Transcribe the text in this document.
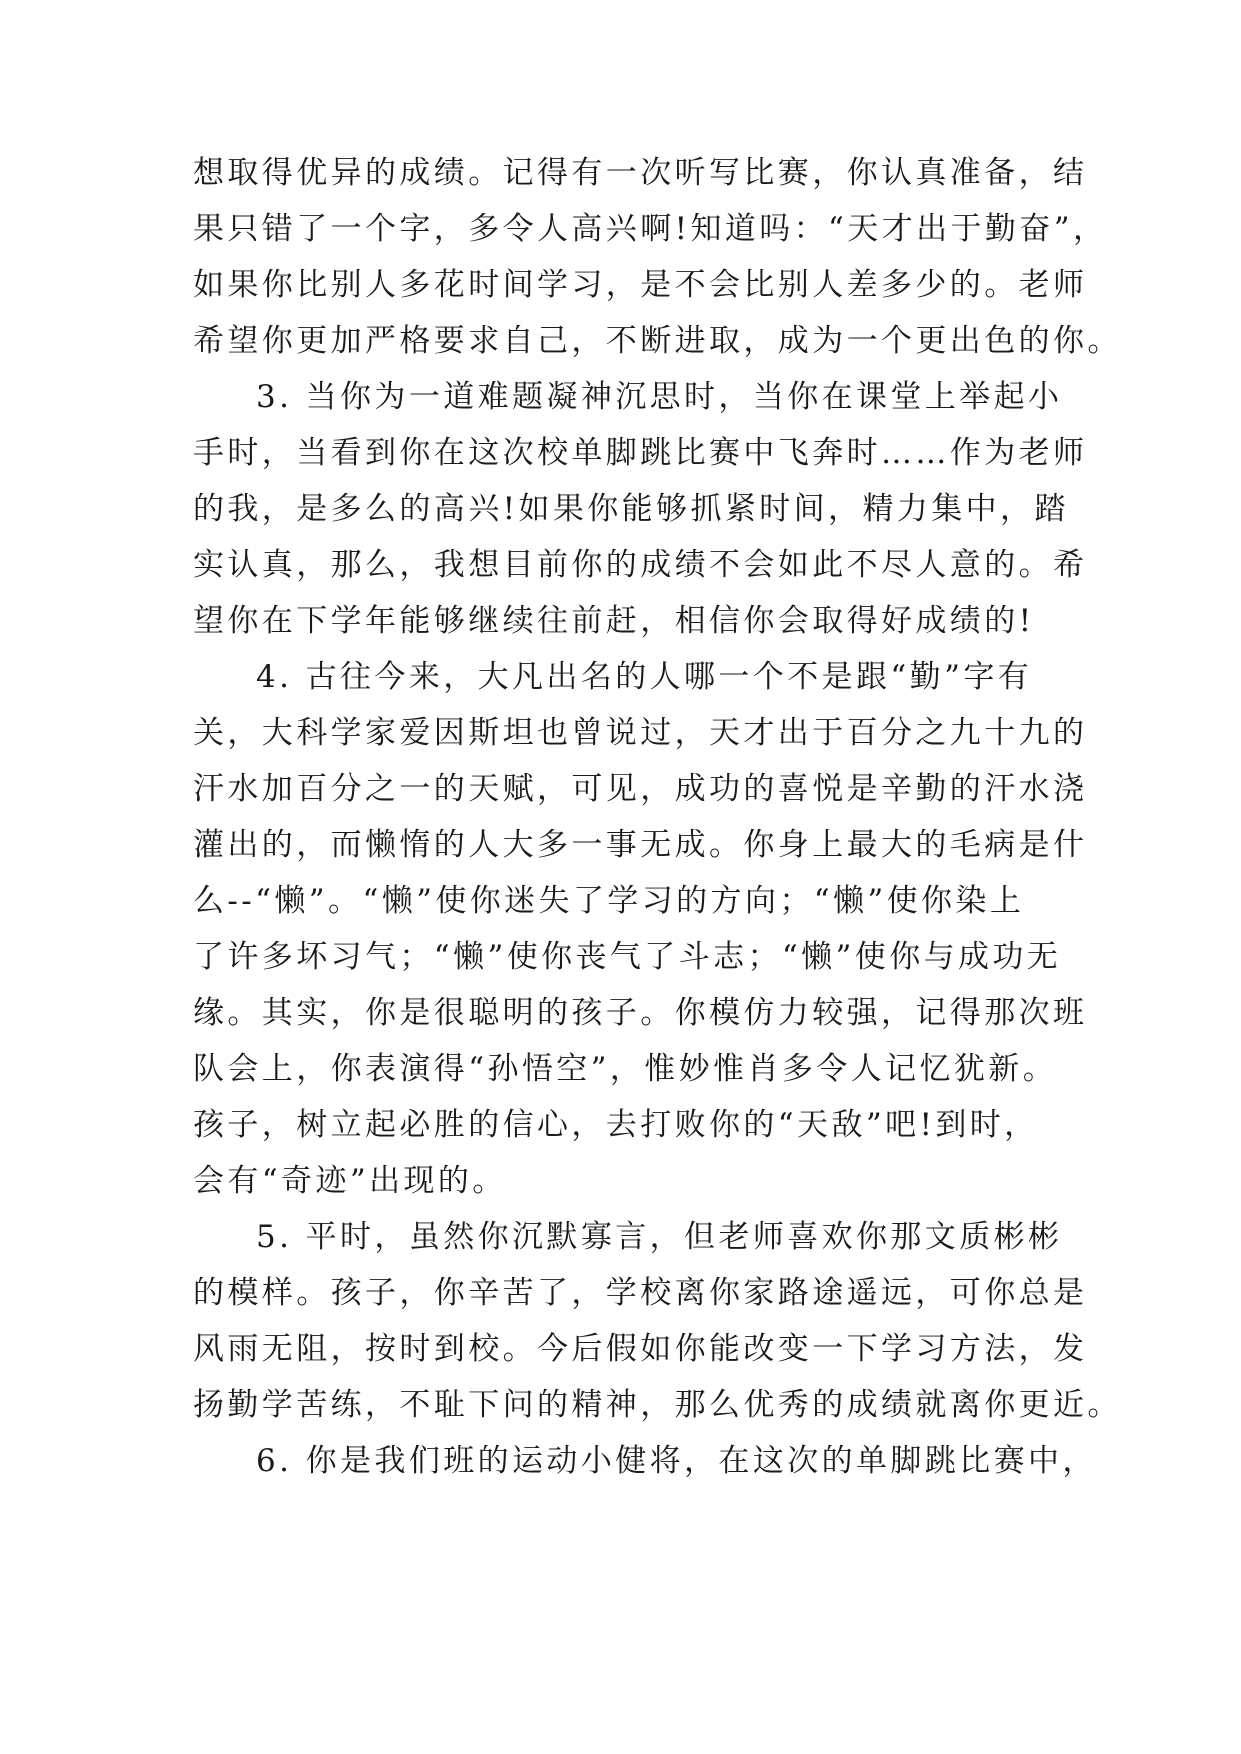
想取得优异的成绩。记得有一次听写比赛，你认真准备，结
果只错了一个字，多令人高兴啊!知道吗：“天才出于勤奋”，
如果你比别人多花时间学习，是不会比别人差多少的。老师
希望你更加严格要求自己，不断进取，成为一个更出色的你。
3. 当你为一道难题凝神沉思时，当你在课堂上举起小
手时，当看到你在这次校单脚跳比赛中飞奔时……作为老师
的我，是多么的高兴!如果你能够抓紧时间，精力集中，踏
实认真，那么，我想目前你的成绩不会如此不尽人意的。希
望你在下学年能够继续往前赶，相信你会取得好成绩的!
4. 古往今来，大凡出名的人哪一个不是跟“勤”字有
关，大科学家爱因斯坦也曾说过，天才出于百分之九十九的
汗水加百分之一的天赋，可见，成功的喜悦是辛勤的汗水浇
灌出的，而懒惰的人大多一事无成。你身上最大的毛病是什
么--“懒”。“懒”使你迷失了学习的方向；“懒”使你染上
了许多坏习气；“懒”使你丧气了斗志；“懒”使你与成功无
缘。其实，你是很聪明的孩子。你模仿力较强，记得那次班
队会上，你表演得“孙悟空”，惟妙惟肖多令人记忆犹新。
孩子，树立起必胜的信心，去打败你的“天敌”吧!到时，
会有“奇迹”出现的。
5. 平时，虽然你沉默寡言，但老师喜欢你那文质彬彬
的模样。孩子，你辛苦了，学校离你家路途遥远，可你总是
风雨无阻，按时到校。今后假如你能改变一下学习方法，发
扬勤学苦练，不耻下问的精神，那么优秀的成绩就离你更近。
6. 你是我们班的运动小健将，在这次的单脚跳比赛中，
